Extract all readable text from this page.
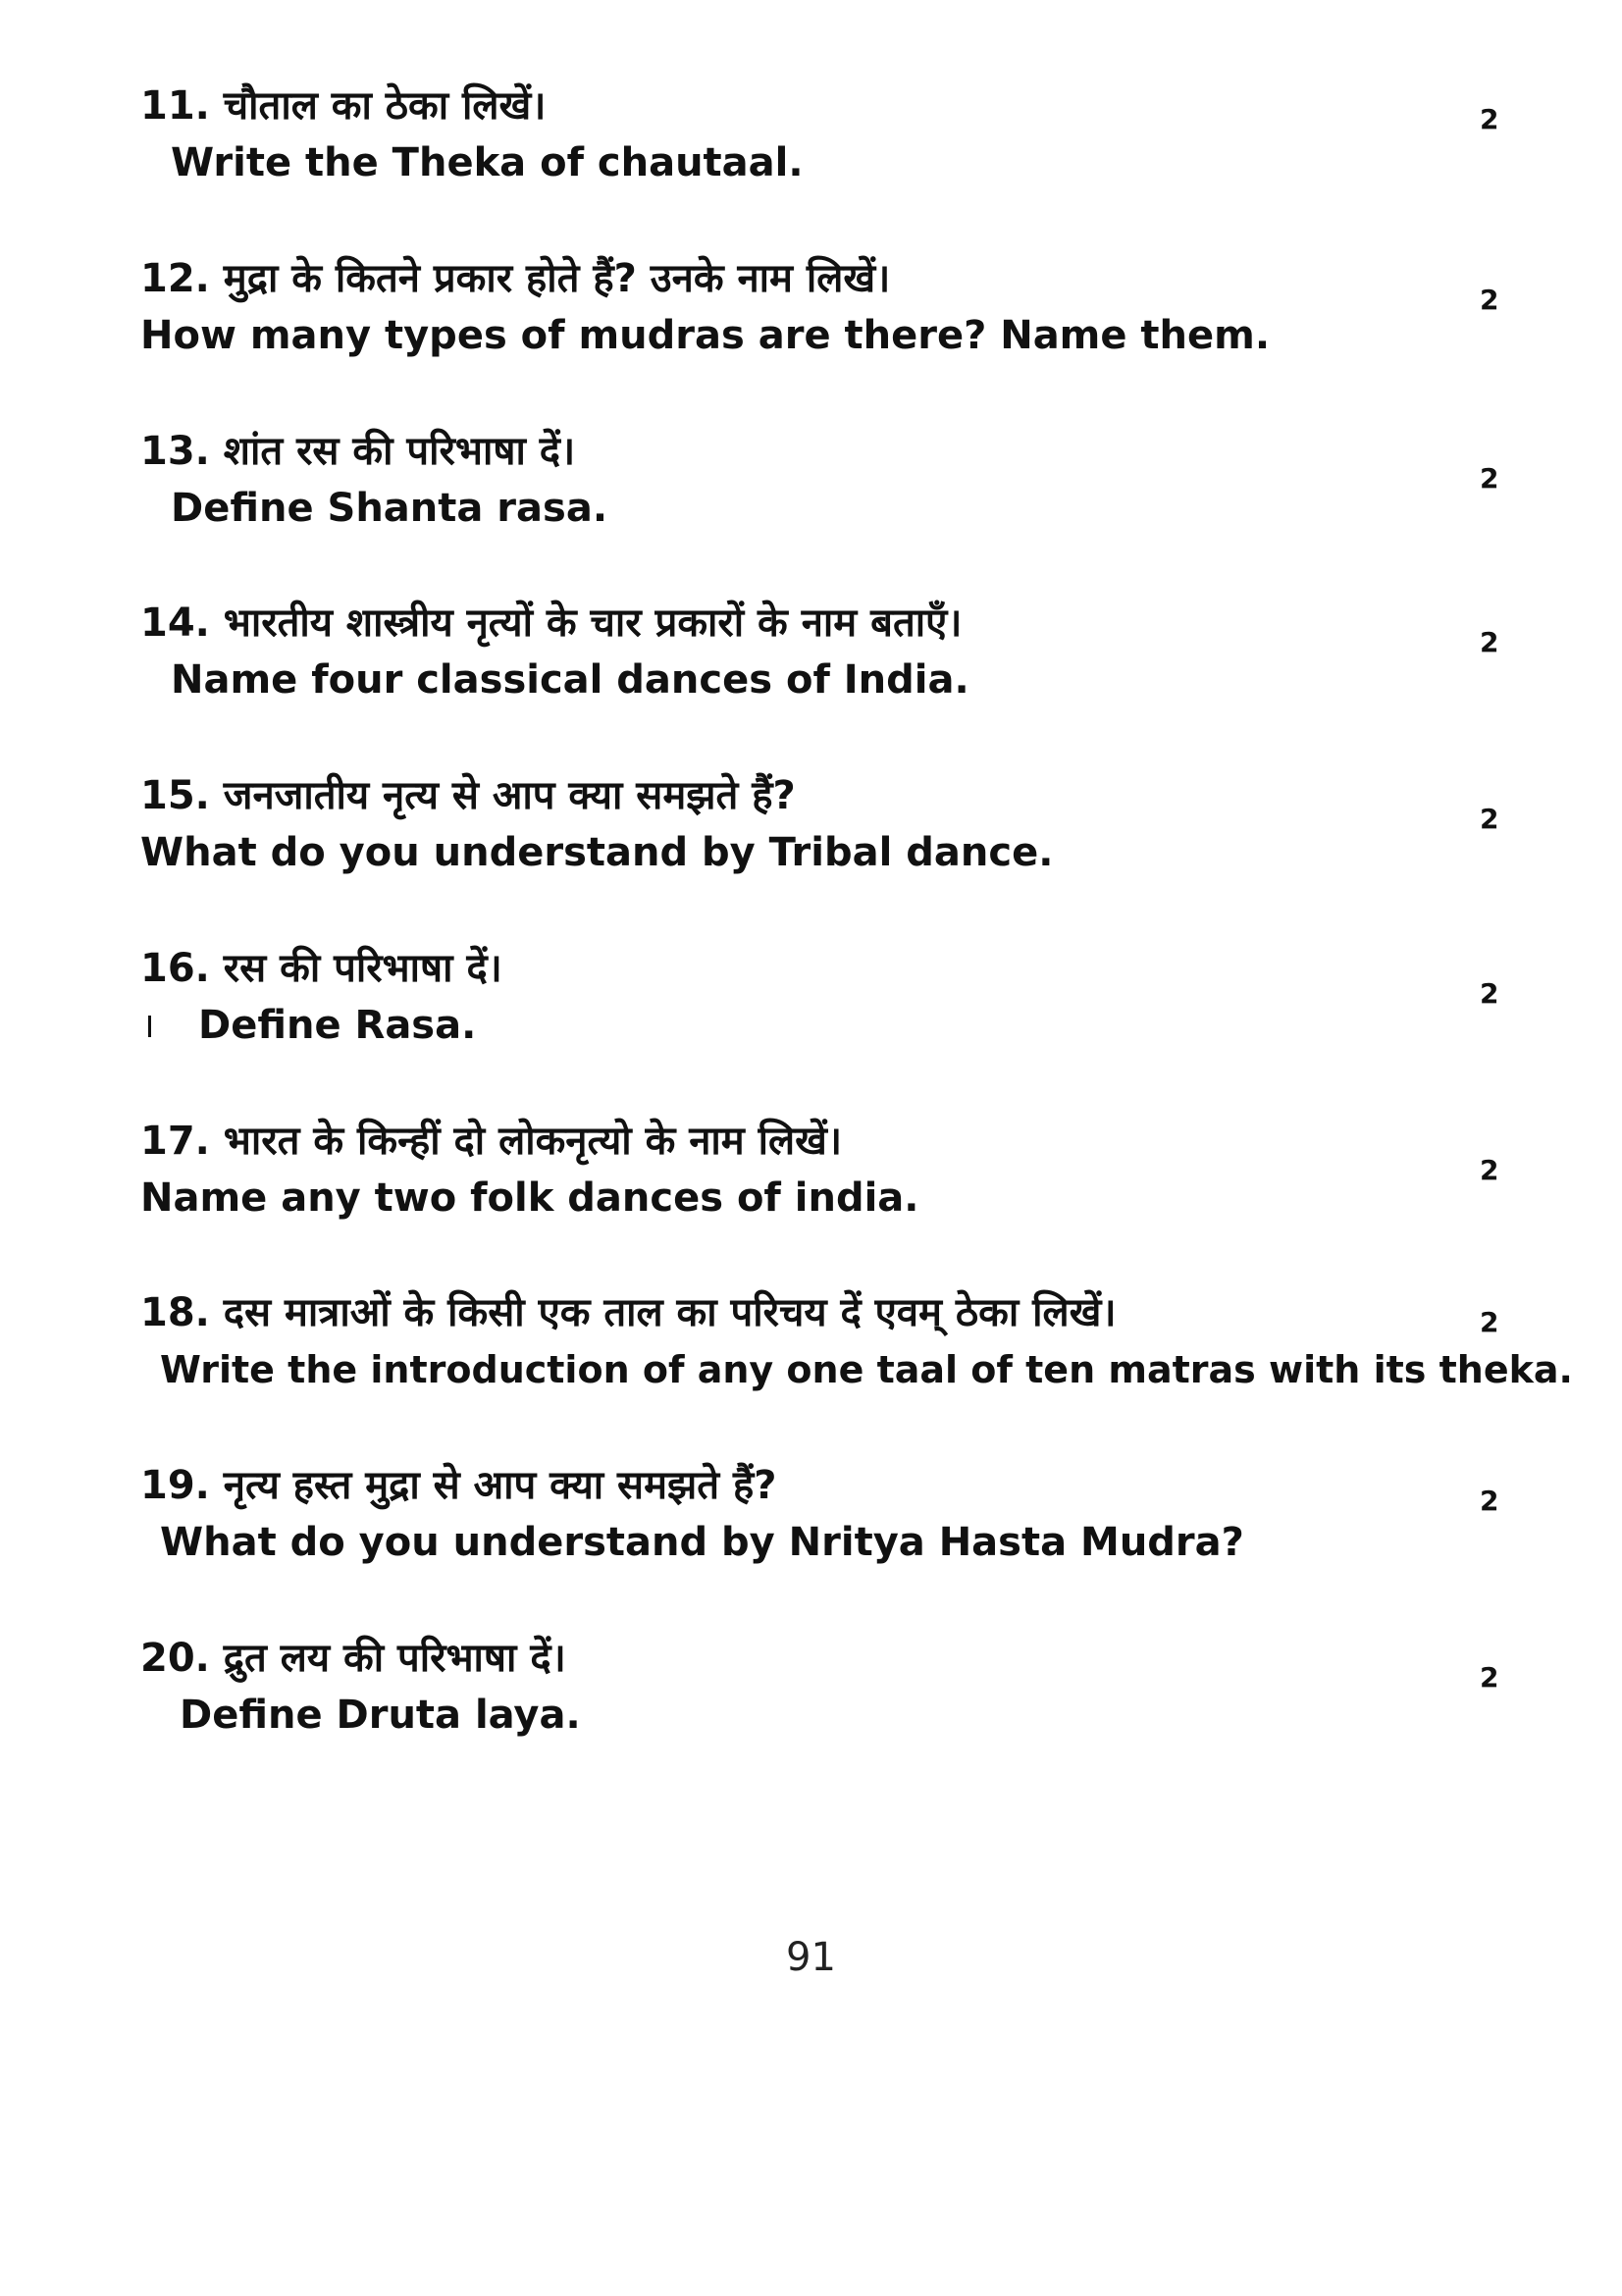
11. चौताल का ठेका लिखें।
Write the Theka of chautaal.
2
12. मुद्रा के कितने प्रकार होते हैं? उनके नाम लिखें।
How many types of mudras are there? Name them.
2
13. शांत रस की परिभाषा दें।
Define Shanta rasa.
2
14. भारतीय शास्त्रीय नृत्यों के चार प्रकारों के नाम बताएँ।
Name four classical dances of India.
2
15. जनजातीय नृत्य से आप क्या समझते हैं?
What do you understand by Tribal dance.
2
16. रस की परिभाषा दें।
Define Rasa.
2
17. भारत के किन्हीं दो लोकनृत्यो के नाम लिखें।
Name any two folk dances of india.
2
18. दस मात्राओं के किसी एक ताल का परिचय दें एवम् ठेका लिखें।
Write the introduction of any one taal of ten matras with its theka.
2
19. नृत्य हस्त मुद्रा से आप क्या समझते हैं?
What do you understand by Nritya Hasta Mudra?
2
20. द्रुत लय की परिभाषा दें।
Define Druta laya.
2
91
